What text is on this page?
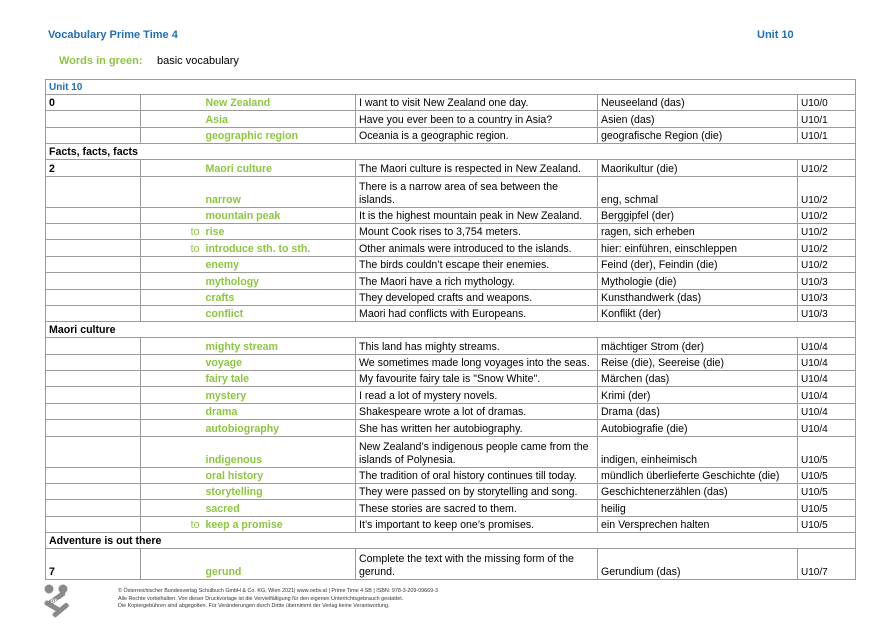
Vocabulary Prime Time 4	Unit 10
Words in green: basic vocabulary
Unit 10					
0		New Zealand	I want to visit New Zealand one day.	Neuseeland (das)	U10/0
		Asia	Have you ever been to a country in Asia?	Asien (das)	U10/1
		geographic region	Oceania is a geographic region.	geografische Region (die)	U10/1
Facts, facts, facts					
2		Maori culture	The Maori culture is respected in New Zealand.	Maorikultur (die)	U10/2
		narrow	There is a narrow area of sea between the islands.	eng, schmal	U10/2
		mountain peak	It is the highest mountain peak in New Zealand.	Berggipfel (der)	U10/2
	to	rise	Mount Cook rises to 3,754 meters.	ragen, sich erheben	U10/2
	to	introduce sth. to sth.	Other animals were introduced to the islands.	hier: einführen, einschleppen	U10/2
		enemy	The birds couldn’t escape their enemies.	Feind (der), Feindin (die)	U10/2
		mythology	The Maori have a rich mythology.	Mythologie (die)	U10/3
		crafts	They developed crafts and weapons.	Kunsthandwerk (das)	U10/3
		conflict	Maori had conflicts with Europeans.	Konflikt (der)	U10/3
Maori culture					
		mighty stream	This land has mighty streams.	mächtiger Strom (der)	U10/4
		voyage	We sometimes made long voyages into the seas.	Reise (die), Seereise (die)	U10/4
		fairy tale	My favourite fairy tale is "Snow White".	Märchen (das)	U10/4
		mystery	I read a lot of mystery novels.	Krimi (der)	U10/4
		drama	Shakespeare wrote a lot of dramas.	Drama (das)	U10/4
		autobiography	She has written her autobiography.	Autobiografie (die)	U10/4
		indigenous	New Zealand’s indigenous people came from the islands of Polynesia.	indigen, einheimisch	U10/5
		oral history	The tradition of oral history continues till today.	mündlich überlieferte Geschichte (die)	U10/5
		storytelling	They were passed on by storytelling and song.	Geschichtenerzählen (das)	U10/5
		sacred	These stories are sacred to them.	heilig	U10/5
	to	keep a promise	It’s important to keep one’s promises.	ein Versprechen halten	U10/5
Adventure is out there					
7		gerund	Complete the text with the missing form of the gerund.	Gerundium (das)	U10/7
öbv
© Österreichischer Bundesverlag Schulbuch GmbH & Co. KG, Wien 2021| www.oebv.at | Prime Time 4 SB | ISBN: 978-3-209-09669-3
Alle Rechte vorbehalten. Von dieser Druckvorlage ist die Vervielfältigung für den eigenen Unterrichtsgebrauch gestattet.
Die Kopiergebühren sind abgegolten. Für Veränderungen durch Dritte übernimmt der Verlag keine Verantwortung.
